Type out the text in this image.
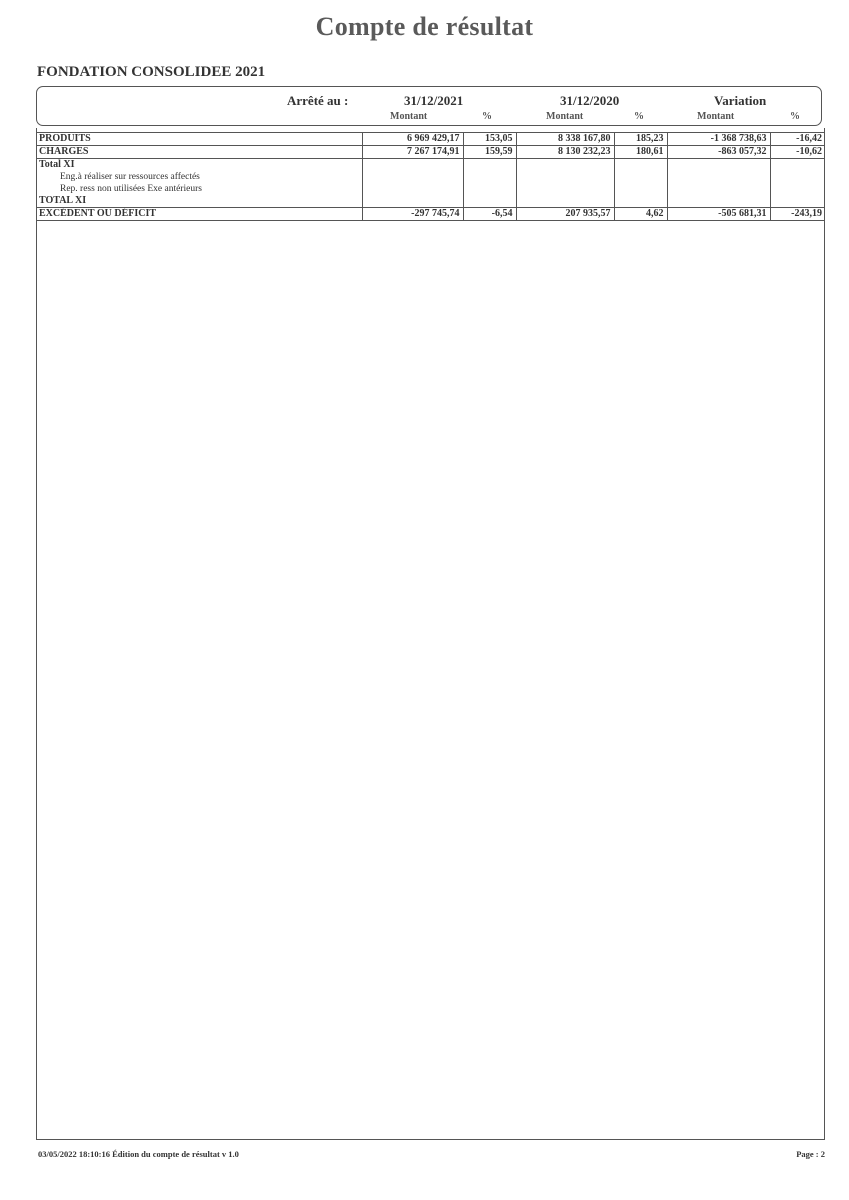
Compte de résultat
FONDATION CONSOLIDEE 2021
Arrêté au :	31/12/2021	31/12/2020	Variation
Montant	%	Montant	%	Montant	%
PRODUITS	6 969 429,17	153,05	8 338 167,80	185,23	-1 368 738,63	-16,42
CHARGES	7 267 174,91	159,59	8 130 232,23	180,61	-863 057,32	-10,62
Total XI						
Eng.à réaliser sur ressources affectés						
Rep. ress non utilisées Exe antérieurs						
TOTAL XI						
EXCÉDENT OU DÉFICIT	-297 745,74	-6,54	207 935,57	4,62	-505 681,31	-243,19
03/05/2022 18:10:16 Édition du compte de résultat v 1.0	Page : 2
